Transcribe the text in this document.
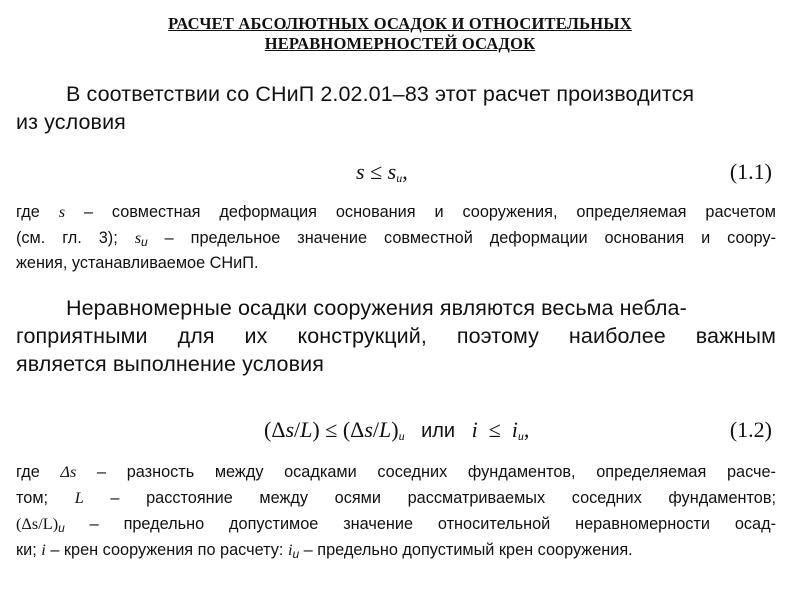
РАСЧЕТ АБСОЛЮТНЫХ ОСАДОК И ОТНОСИТЕЛЬНЫХ
НЕРАВНОМЕРНОСТЕЙ ОСАДОК
В соответствии со СНиП 2.02.01–83 этот расчет производится
из условия
$s \le s_u$,	(1.1)
где s – совместная деформация основания и сооружения, определяемая расчетом
(см. гл. 3); $s_u$ – предельное значение совместной деформации основания и соору-
жения, устанавливаемое СНиП.
Неравномерные осадки сооружения являются весьма небла-
гоприятными для их конструкций, поэтому наиболее важным
является выполнение условия
$(\Delta s/L) \le (\Delta s/L)_u$ или $i \le i_u$,	(1.2)
где Δs – разность между осадками соседних фундаментов, определяемая расче-
том; L – расстояние между осями рассматриваемых соседних фундаментов;
$(\Delta s/L)_u$ – предельно допустимое значение относительной неравномерности осад-
ки; i – крен сооружения по расчету: $i_u$ – предельно допустимый крен сооружения.
